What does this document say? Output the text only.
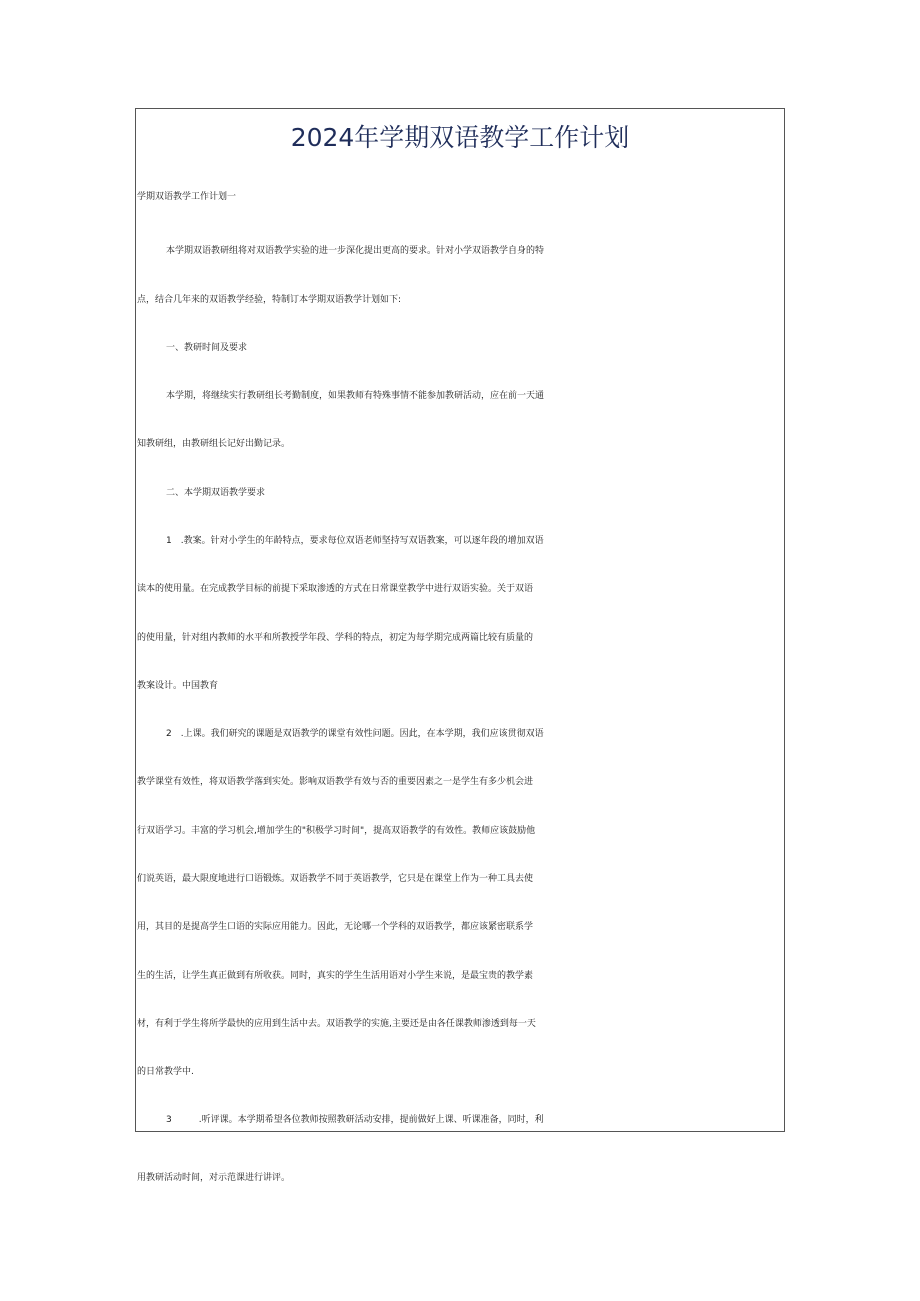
2024年学期双语教学工作计划
学期双语教学工作计划一
本学期双语教研组将对双语教学实验的进一步深化提出更高的要求。针对小学双语教学自身的特
点，结合几年来的双语教学经验，特制订本学期双语教学计划如下:
一、教研时间及要求
本学期，将继续实行教研组长考勤制度，如果教师有特殊事情不能参加教研活动，应在前一天通
知教研组，由教研组长记好出勤记录。
二、本学期双语教学要求
1　.教案。针对小学生的年龄特点，要求每位双语老师坚持写双语教案，可以逐年段的增加双语
读本的使用量。在完成教学目标的前提下采取渗透的方式在日常课堂教学中进行双语实验。关于双语
的使用量，针对组内教师的水平和所教授学年段、学科的特点，初定为每学期完成两篇比较有质量的
教案设计。中国教育
2　.上课。我们研究的课题是双语教学的课堂有效性问题。因此，在本学期，我们应该贯彻双语
教学课堂有效性，将双语教学落到实处。影响双语教学有效与否的重要因素之一是学生有多少机会进
行双语学习。丰富的学习机会,增加学生的"积极学习时间"，提高双语教学的有效性。教师应该鼓励他
们说英语，最大限度地进行口语锻炼。双语教学不同于英语教学，它只是在课堂上作为一种工具去使
用，其目的是提高学生口语的实际应用能力。因此，无论哪一个学科的双语教学，都应该紧密联系学
生的生活，让学生真正做到有所收获。同时，真实的学生生活用语对小学生来说，是最宝贵的教学素
材，有利于学生将所学最快的应用到生活中去。双语教学的实施,主要还是由各任课教师渗透到每一天
的日常教学中.
3　　　.听评课。本学期希望各位教师按照教研活动安排，提前做好上课、听课准备，同时，利
用教研活动时间，对示范课进行讲评。
